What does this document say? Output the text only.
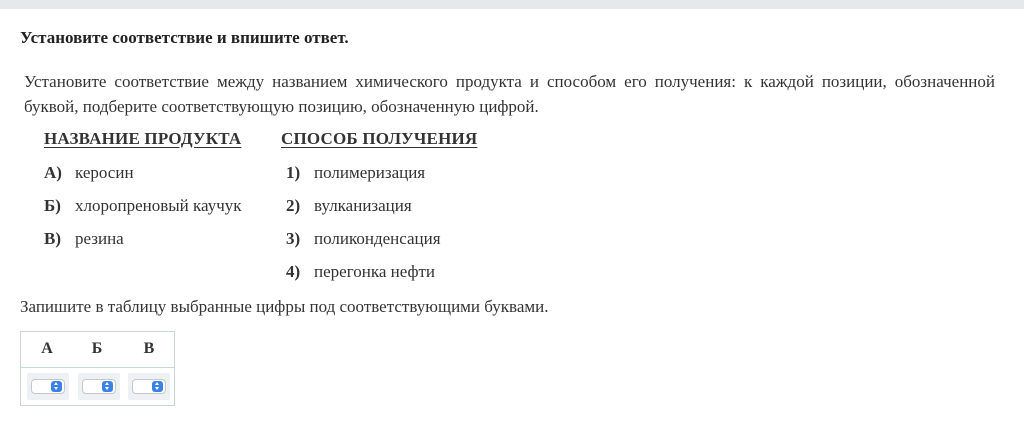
Установите соответствие и впишите ответ.
Установите соответствие между названием химического продукта и способом его получения: к каждой позиции, обозначенной буквой, подберите соответствующую позицию, обозначенную цифрой.
НАЗВАНИЕ ПРОДУКТА СПОСОБ ПОЛУЧЕНИЯ
А) керосин
Б) хлоропреновый каучук
В) резина
1) полимеризация
2) вулканизация
3) поликонденсация
4) перегонка нефти
Запишите в таблицу выбранные цифры под соответствующими буквами.
А Б	В
